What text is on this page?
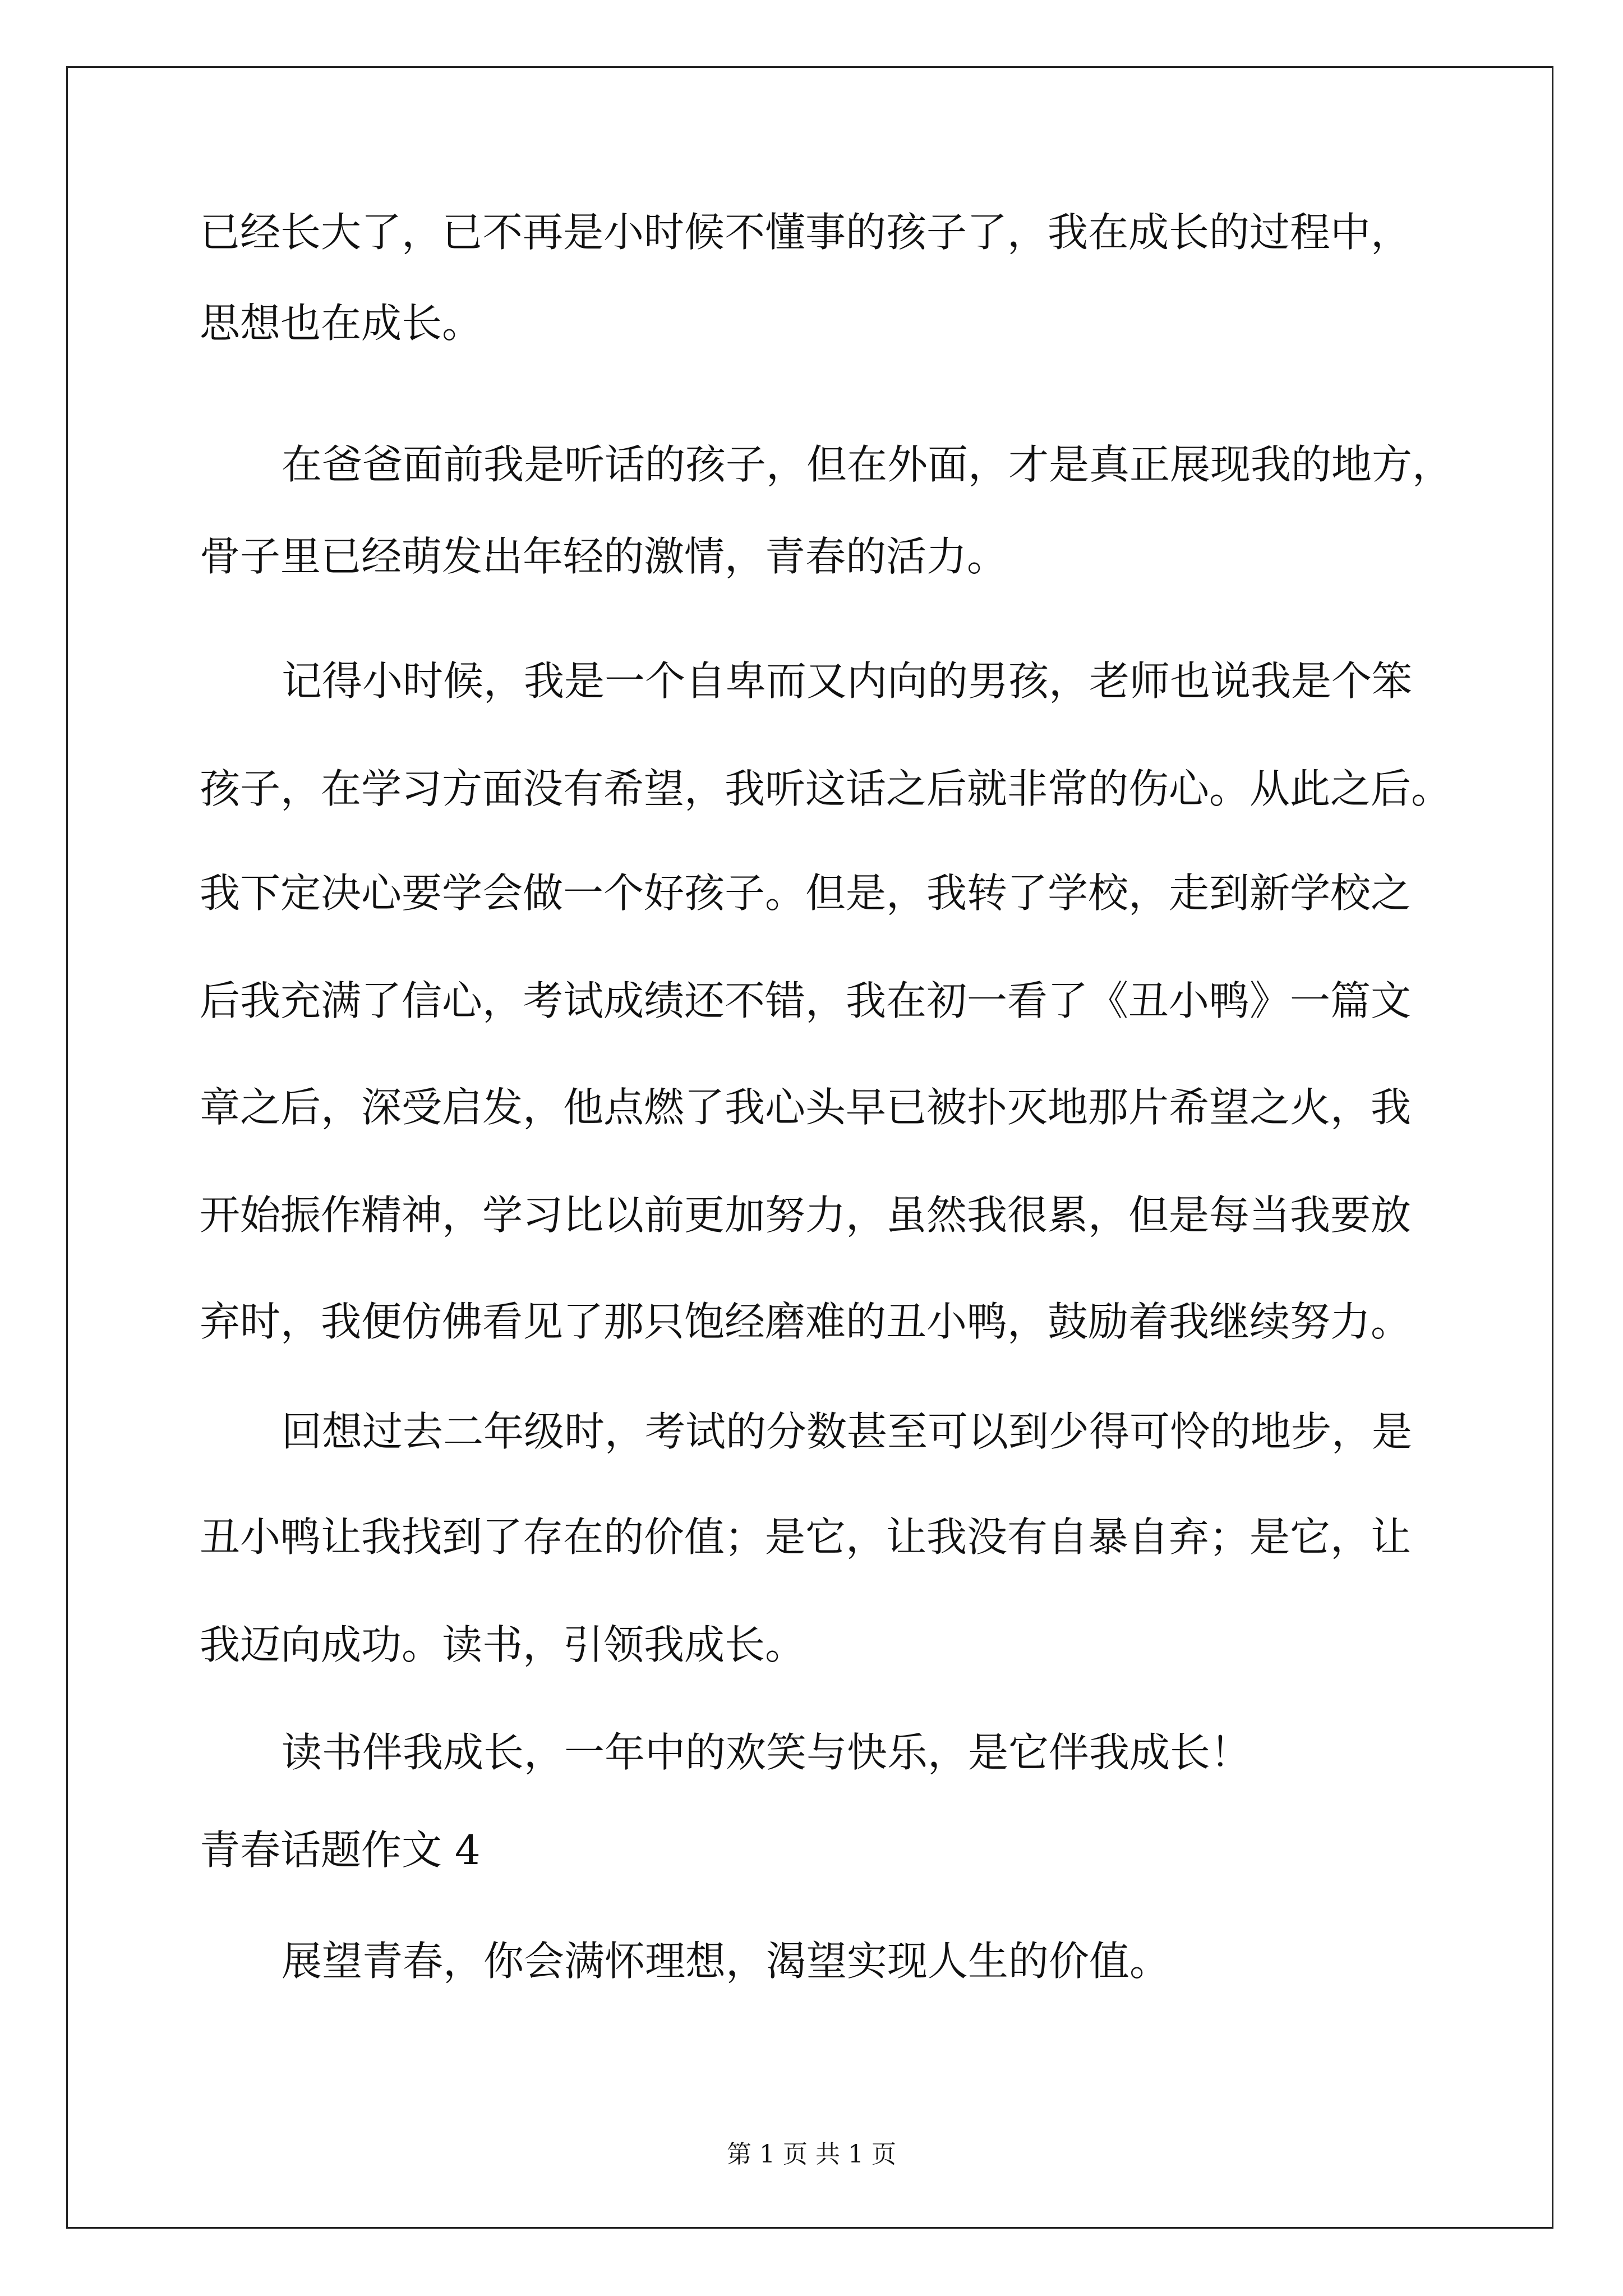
已经长大了，已不再是小时候不懂事的孩子了，我在成长的过程中，
思想也在成长。
在爸爸面前我是听话的孩子，但在外面，才是真正展现我的地方，
骨子里已经萌发出年轻的激情，青春的活力。
记得小时候，我是一个自卑而又内向的男孩，老师也说我是个笨
孩子，在学习方面没有希望，我听这话之后就非常的伤心。从此之后。
我下定决心要学会做一个好孩子。但是，我转了学校，走到新学校之
后我充满了信心，考试成绩还不错，我在初一看了《丑小鸭》一篇文
章之后，深受启发，他点燃了我心头早已被扑灭地那片希望之火，我
开始振作精神，学习比以前更加努力，虽然我很累，但是每当我要放
弃时，我便仿佛看见了那只饱经磨难的丑小鸭，鼓励着我继续努力。
回想过去二年级时，考试的分数甚至可以到少得可怜的地步，是
丑小鸭让我找到了存在的价值；是它，让我没有自暴自弃；是它，让
我迈向成功。读书，引领我成长。
读书伴我成长，一年中的欢笑与快乐，是它伴我成长！
青春话题作文 4
展望青春，你会满怀理想，渴望实现人生的价值。
第 1 页 共 1 页
